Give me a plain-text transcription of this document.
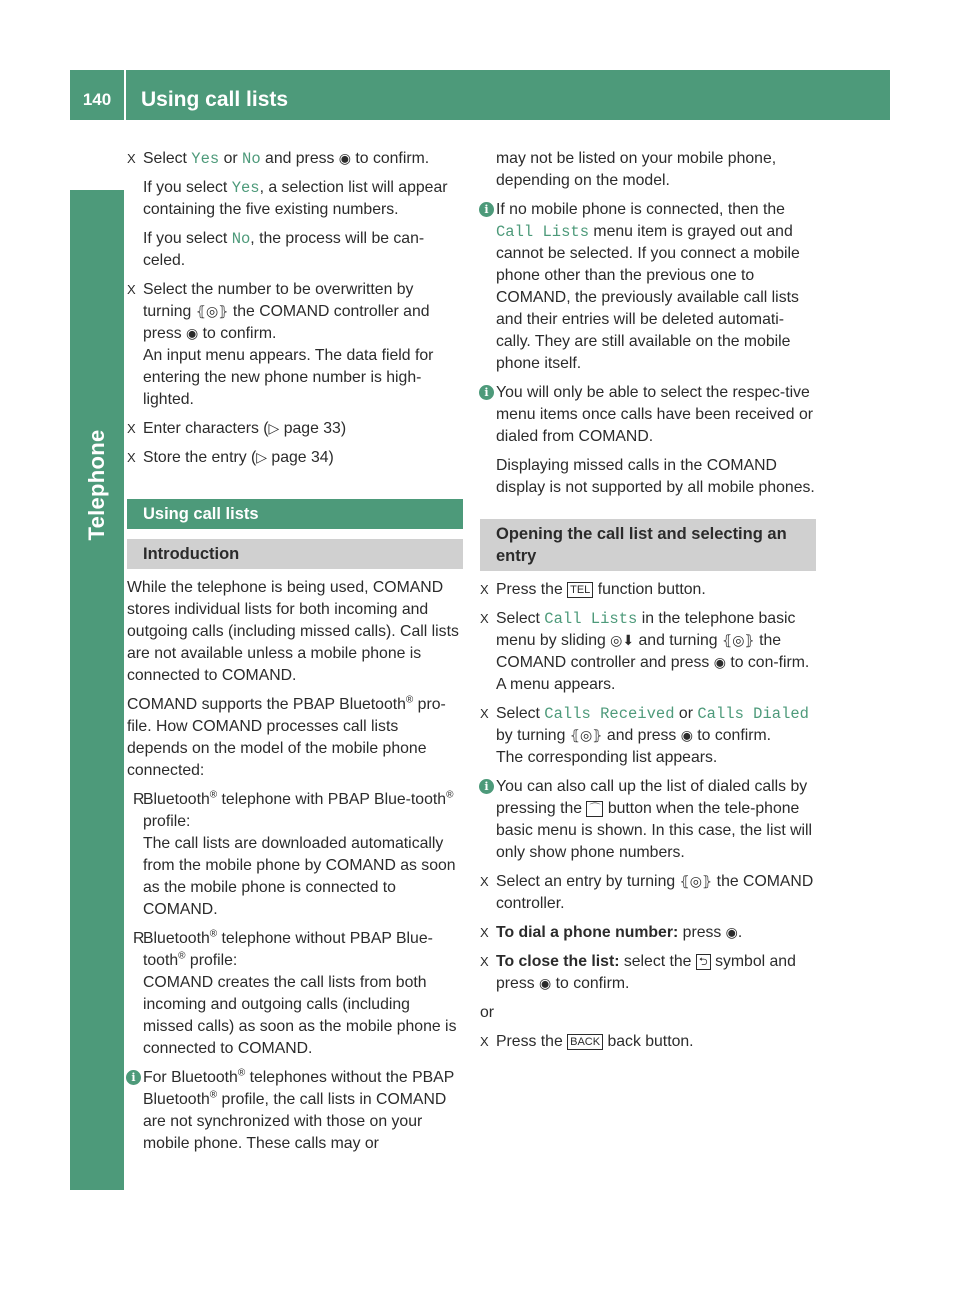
140	Using call lists
Telephone
X Select Yes or No and press ◉ to confirm.
If you select Yes, a selection list will appear containing the five existing numbers.
If you select No, the process will be can-celed.
X Select the number to be overwritten by turning ⦃◎⦄ the COMAND controller and press ◉ to confirm.
An input menu appears. The data field for entering the new phone number is high-lighted.
X Enter characters (▷ page 33)
X Store the entry (▷ page 34)
Using call lists
Introduction
While the telephone is being used, COMAND stores individual lists for both incoming and outgoing calls (including missed calls). Call lists are not available unless a mobile phone is connected to COMAND.
COMAND supports the PBAP Bluetooth® pro-file. How COMAND processes call lists depends on the model of the mobile phone connected:
R
Bluetooth® telephone with PBAP Blue-tooth® profile:
The call lists are downloaded automatically from the mobile phone by COMAND as soon as the mobile phone is connected to COMAND.
R
Bluetooth® telephone without PBAP Blue-tooth® profile:
COMAND creates the call lists from both incoming and outgoing calls (including missed calls) as soon as the mobile phone is connected to COMAND.
i For Bluetooth® telephones without the PBAP Bluetooth® profile, the call lists in COMAND are not synchronized with those on your mobile phone. These calls may or
may not be listed on your mobile phone, depending on the model.
i If no mobile phone is connected, then the Call Lists menu item is grayed out and cannot be selected. If you connect a mobile phone other than the previous one to COMAND, the previously available call lists and their entries will be deleted automati-cally. They are still available on the mobile phone itself.
i You will only be able to select the respec-tive menu items once calls have been received or dialed from COMAND.
Displaying missed calls in the COMAND display is not supported by all mobile phones.
Opening the call list and selecting an entry
X Press the TEL function button.
X Select Call Lists in the telephone basic menu by sliding ◎⬇ and turning ⦃◎⦄ the COMAND controller and press ◉ to con-firm.
A menu appears.
X Select Calls Received or Calls Dialed by turning ⦃◎⦄ and press ◉ to confirm.
The corresponding list appears.
i You can also call up the list of dialed calls by pressing the ⌒ button when the tele-phone basic menu is shown. In this case, the list will only show phone numbers.
X Select an entry by turning ⦃◎⦄ the COMAND controller.
X To dial a phone number: press ◉.
X To close the list: select the ⮌ symbol and press ◉ to confirm.
or
X Press the BACK back button.
